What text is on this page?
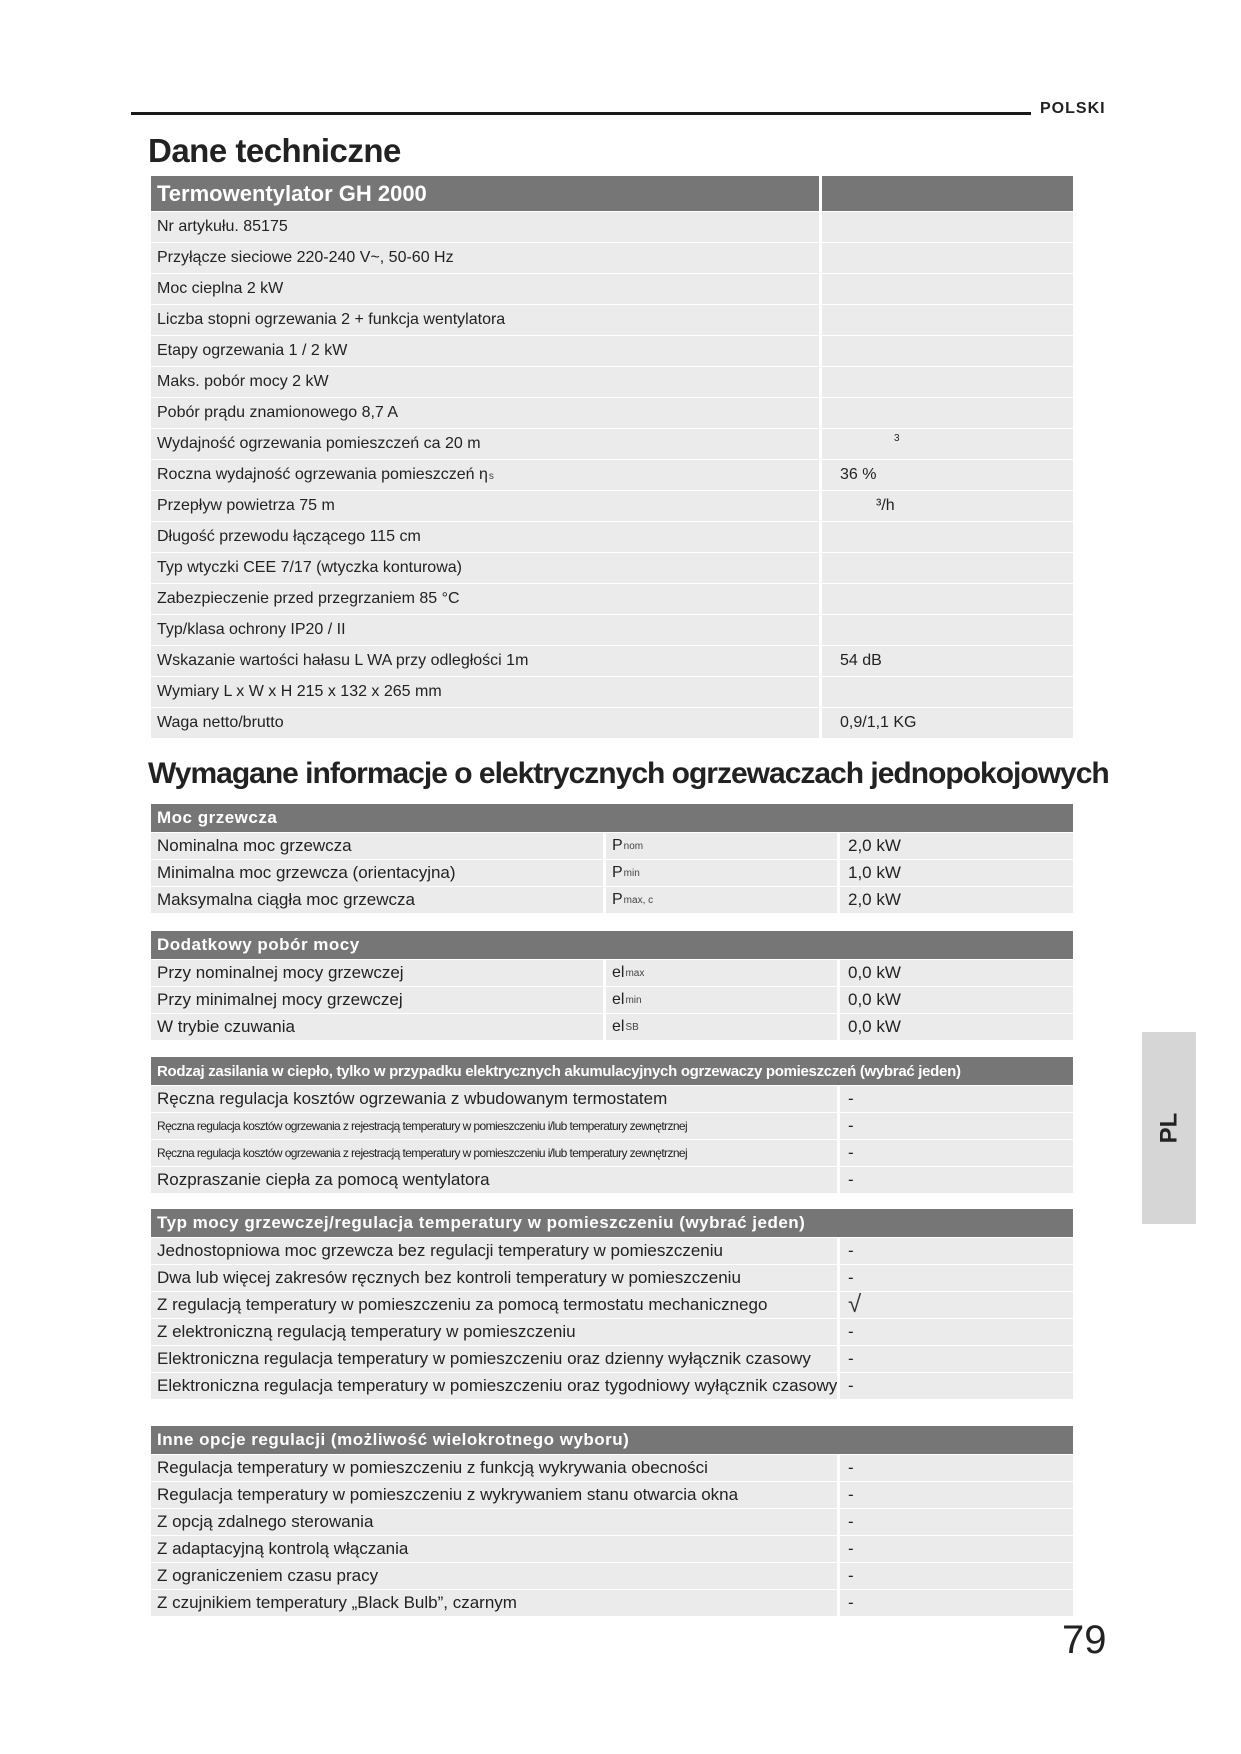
POLSKI
Dane techniczne
Termowentylator GH 2000
Nr artykułu. 85175
Przyłącze sieciowe 220-240 V~, 50-60 Hz
Moc cieplna 2 kW
Liczba stopni ogrzewania 2 + funkcja wentylatora
Etapy ogrzewania 1 / 2 kW
Maks. pobór mocy 2 kW
Pobór prądu znamionowego 8,7 A
Wydajność ogrzewania pomieszczeń ca 20 m	3
Roczna wydajność ogrzewania pomieszczeń ηs	36 %
Przepływ powietrza 75 m	³/h
Długość przewodu łączącego 115 cm
Typ wtyczki CEE 7/17 (wtyczka konturowa)
Zabezpieczenie przed przegrzaniem 85 °C
Typ/klasa ochrony IP20 / II
Wskazanie wartości hałasu L WA przy odległości 1m	54 dB
Wymiary L x W x H 215 x 132 x 265 mm
Waga netto/brutto	0,9/1,1 KG
Wymagane informacje o elektrycznych ogrzewaczach jednopokojowych
Moc grzewcza
Nominalna moc grzewcza	P nom	2,0 kW
Minimalna moc grzewcza (orientacyjna)	P min	1,0 kW
Maksymalna ciągła moc grzewcza	P max, c	2,0 kW
Dodatkowy pobór mocy
Przy nominalnej mocy grzewczej	el max	0,0 kW
Przy minimalnej mocy grzewczej	el min	0,0 kW
W trybie czuwania	el SB	0,0 kW
Rodzaj zasilania w ciepło, tylko w przypadku elektrycznych akumulacyjnych ogrzewaczy pomieszczeń (wybrać jeden)
Ręczna regulacja kosztów ogrzewania z wbudowanym termostatem	-
Ręczna regulacja kosztów ogrzewania z rejestracją temperatury w pomieszczeniu i/lub temperatury zewnętrznej	-
Ręczna regulacja kosztów ogrzewania z rejestracją temperatury w pomieszczeniu i/lub temperatury zewnętrznej	-
Rozpraszanie ciepła za pomocą wentylatora	-
Typ mocy grzewczej/regulacja temperatury w pomieszczeniu (wybrać jeden)
Jednostopniowa moc grzewcza bez regulacji temperatury w pomieszczeniu	-
Dwa lub więcej zakresów ręcznych bez kontroli temperatury w pomieszczeniu	-
Z regulacją temperatury w pomieszczeniu za pomocą termostatu mechanicznego	√
Z elektroniczną regulacją temperatury w pomieszczeniu	-
Elektroniczna regulacja temperatury w pomieszczeniu oraz dzienny wyłącznik czasowy	-
Elektroniczna regulacja temperatury w pomieszczeniu oraz tygodniowy wyłącznik czasowy -
Inne opcje regulacji (możliwość wielokrotnego wyboru)
Regulacja temperatury w pomieszczeniu z funkcją wykrywania obecności	-
Regulacja temperatury w pomieszczeniu z wykrywaniem stanu otwarcia okna	-
Z opcją zdalnego sterowania	-
Z adaptacyjną kontrolą włączania	-
Z ograniczeniem czasu pracy	-
Z czujnikiem temperatury „Black Bulb”, czarnym	-
PL
79
